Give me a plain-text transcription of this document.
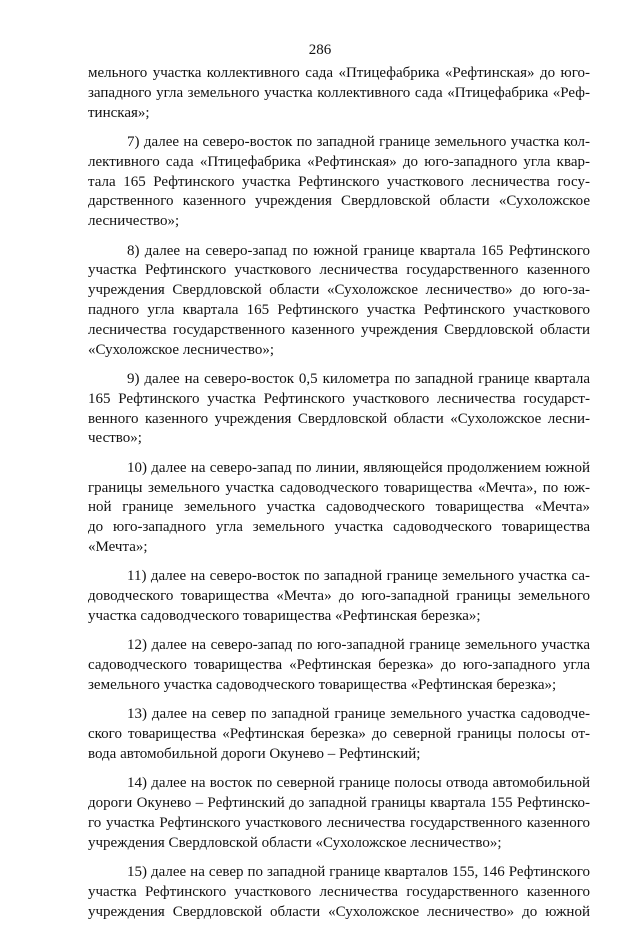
286
мельного участка коллективного сада «Птицефабрика «Рефтинская» до юго-
западного угла земельного участка коллективного сада «Птицефабрика «Реф-
тинская»;
7) далее на северо-восток по западной границе земельного участка кол-
лективного сада «Птицефабрика «Рефтинская» до юго-западного угла квар-
тала 165 Рефтинского участка Рефтинского участкового лесничества госу-
дарственного казенного учреждения Свердловской области «Сухоложское
лесничество»;
8) далее на северо-запад по южной границе квартала 165 Рефтинского
участка Рефтинского участкового лесничества государственного казенного
учреждения Свердловской области «Сухоложское лесничество» до юго-за-
падного угла квартала 165 Рефтинского участка Рефтинского участкового
лесничества государственного казенного учреждения Свердловской области
«Сухоложское лесничество»;
9) далее на северо-восток 0,5 километра по западной границе квартала
165 Рефтинского участка Рефтинского участкового лесничества государст-
венного казенного учреждения Свердловской области «Сухоложское лесни-
чество»;
10) далее на северо-запад по линии, являющейся продолжением южной
границы земельного участка садоводческого товарищества «Мечта», по юж-
ной границе земельного участка садоводческого товарищества «Мечта»
до юго-западного угла земельного участка садоводческого товарищества
«Мечта»;
11) далее на северо-восток по западной границе земельного участка са-
доводческого товарищества «Мечта» до юго-западной границы земельного
участка садоводческого товарищества «Рефтинская березка»;
12) далее на северо-запад по юго-западной границе земельного участка
садоводческого товарищества «Рефтинская березка» до юго-западного угла
земельного участка садоводческого товарищества «Рефтинская березка»;
13) далее на север по западной границе земельного участка садоводче-
ского товарищества «Рефтинская березка» до северной границы полосы от-
вода автомобильной дороги Окунево – Рефтинский;
14) далее на восток по северной границе полосы отвода автомобильной
дороги Окунево – Рефтинский до западной границы квартала 155 Рефтинско-
го участка Рефтинского участкового лесничества государственного казенного
учреждения Свердловской области «Сухоложское лесничество»;
15) далее на север по западной границе кварталов 155, 146 Рефтинского
участка Рефтинского участкового лесничества государственного казенного
учреждения Свердловской области «Сухоложское лесничество» до южной
